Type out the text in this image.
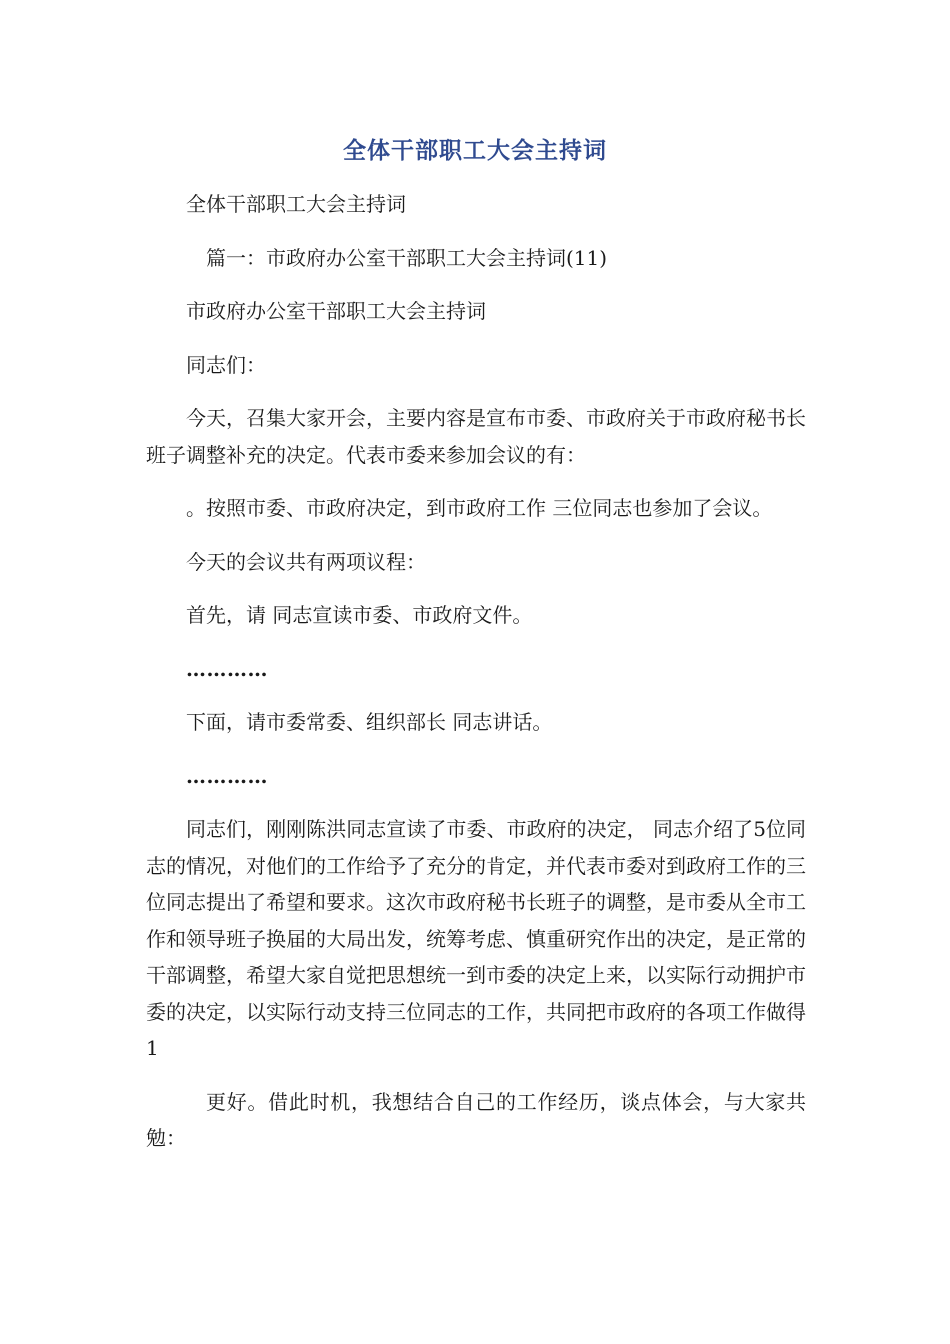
全体干部职工大会主持词

全体干部职工大会主持词

篇一：市政府办公室干部职工大会主持词(11)

市政府办公室干部职工大会主持词

同志们：

今天，召集大家开会，主要内容是宣布市委、市政府关于市政府秘书长班子调整补充的决定。代表市委来参加会议的有：

。按照市委、市政府决定，到市政府工作 三位同志也参加了会议。

今天的会议共有两项议程：

首先，请 同志宣读市委、市政府文件。

…………

下面，请市委常委、组织部长 同志讲话。

…………

同志们，刚刚陈洪同志宣读了市委、市政府的决定， 同志介绍了5位同志的情况，对他们的工作给予了充分的肯定，并代表市委对到政府工作的三位同志提出了希望和要求。这次市政府秘书长班子的调整，是市委从全市工作和领导班子换届的大局出发，统筹考虑、慎重研究作出的决定，是正常的干部调整，希望大家自觉把思想统一到市委的决定上来，以实际行动拥护市委的决定，以实际行动支持三位同志的工作，共同把市政府的各项工作做得 1

更好。借此时机，我想结合自己的工作经历，谈点体会，与大家共勉：
